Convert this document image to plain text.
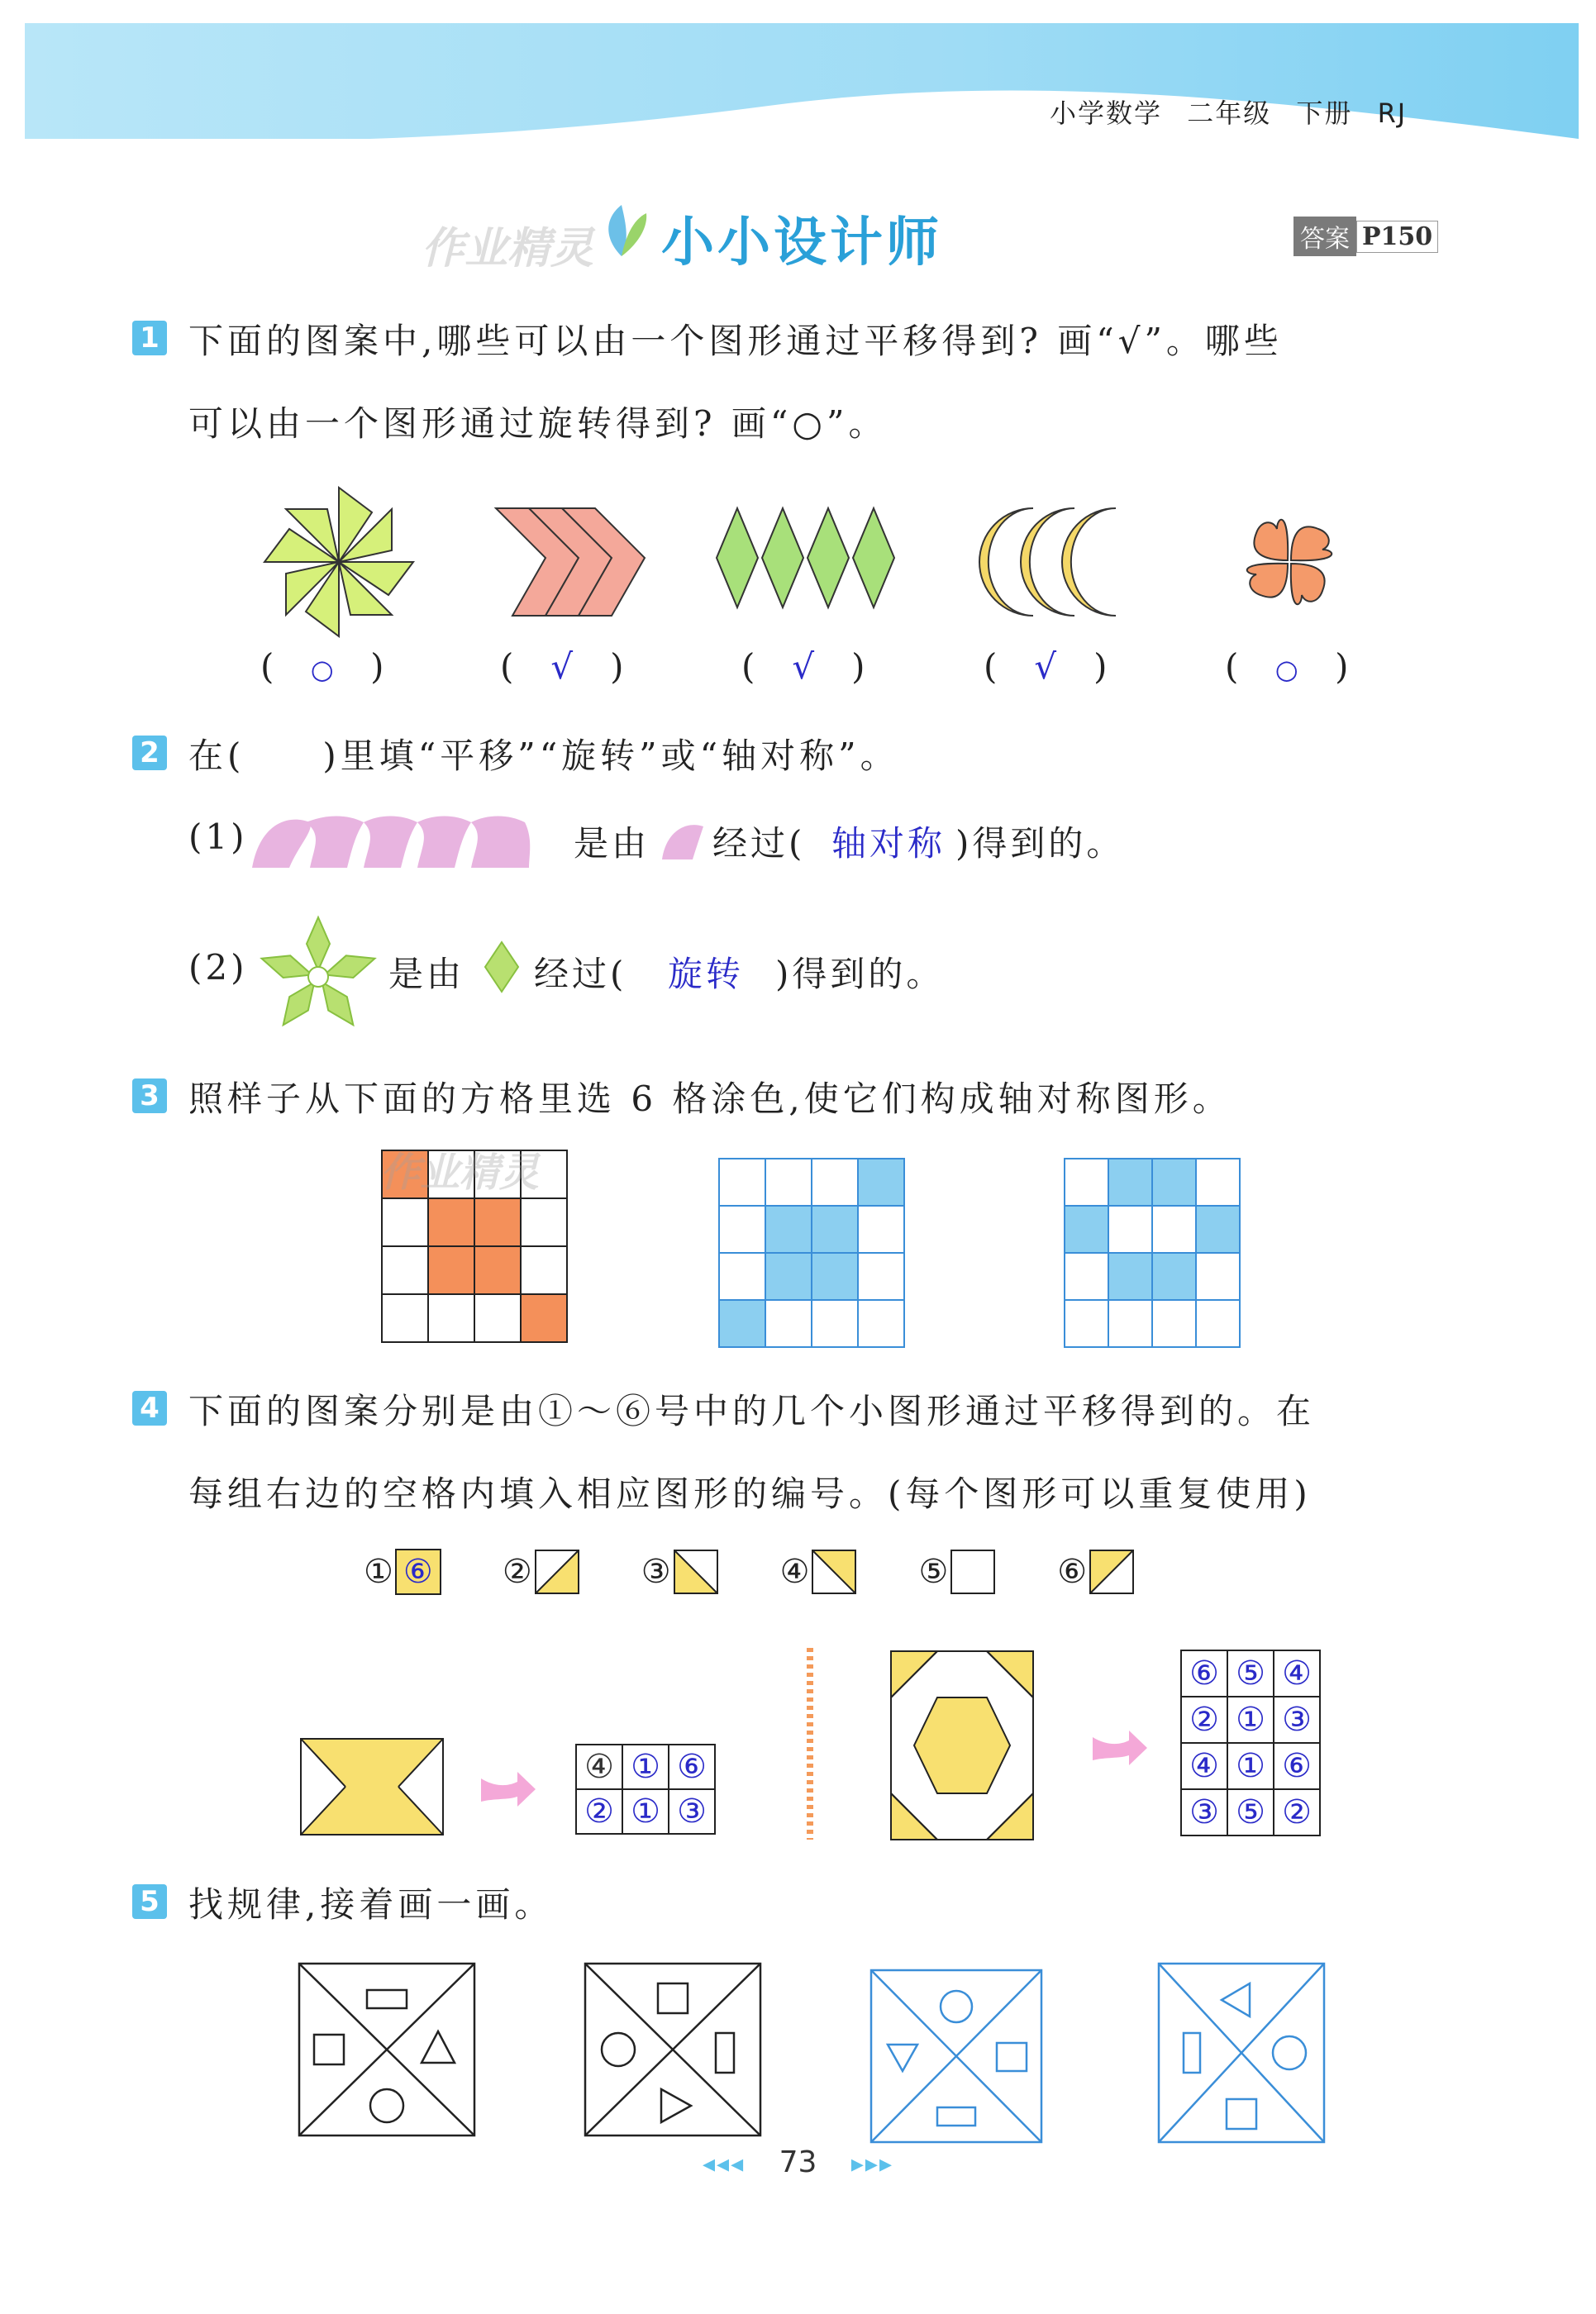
小学数学 二年级 下册 RJ
作业精灵 小小设计师	答案 P150
1 下面的图案中,哪些可以由一个图形通过平移得到? 画“√”。哪些
可以由一个图形通过旋转得到? 画“○”。
( ○ )	( √ )	( √ )	( √ )	( ○ )
2 在(　　)里填“平移”“旋转”或“轴对称”。
(1)	是由 经过( 轴对称 )得到的。
(2)	是由 经过( 旋转 )得到的。
3 照样子从下面的方格里选 6 格涂色,使它们构成轴对称图形。
作业精灵
4 下面的图案分别是由①～⑥号中的几个小图形通过平移得到的。在
每组右边的空格内填入相应图形的编号。(每个图形可以重复使用)
① ⑥ ②	③	④	⑤	⑥
④	①	⑥
②	①	③
⑥	⑤	④
②	①	③
④	①	⑥
③	⑤	②
5 找规律,接着画一画。
◂◂◂ 73 ▸▸▸
